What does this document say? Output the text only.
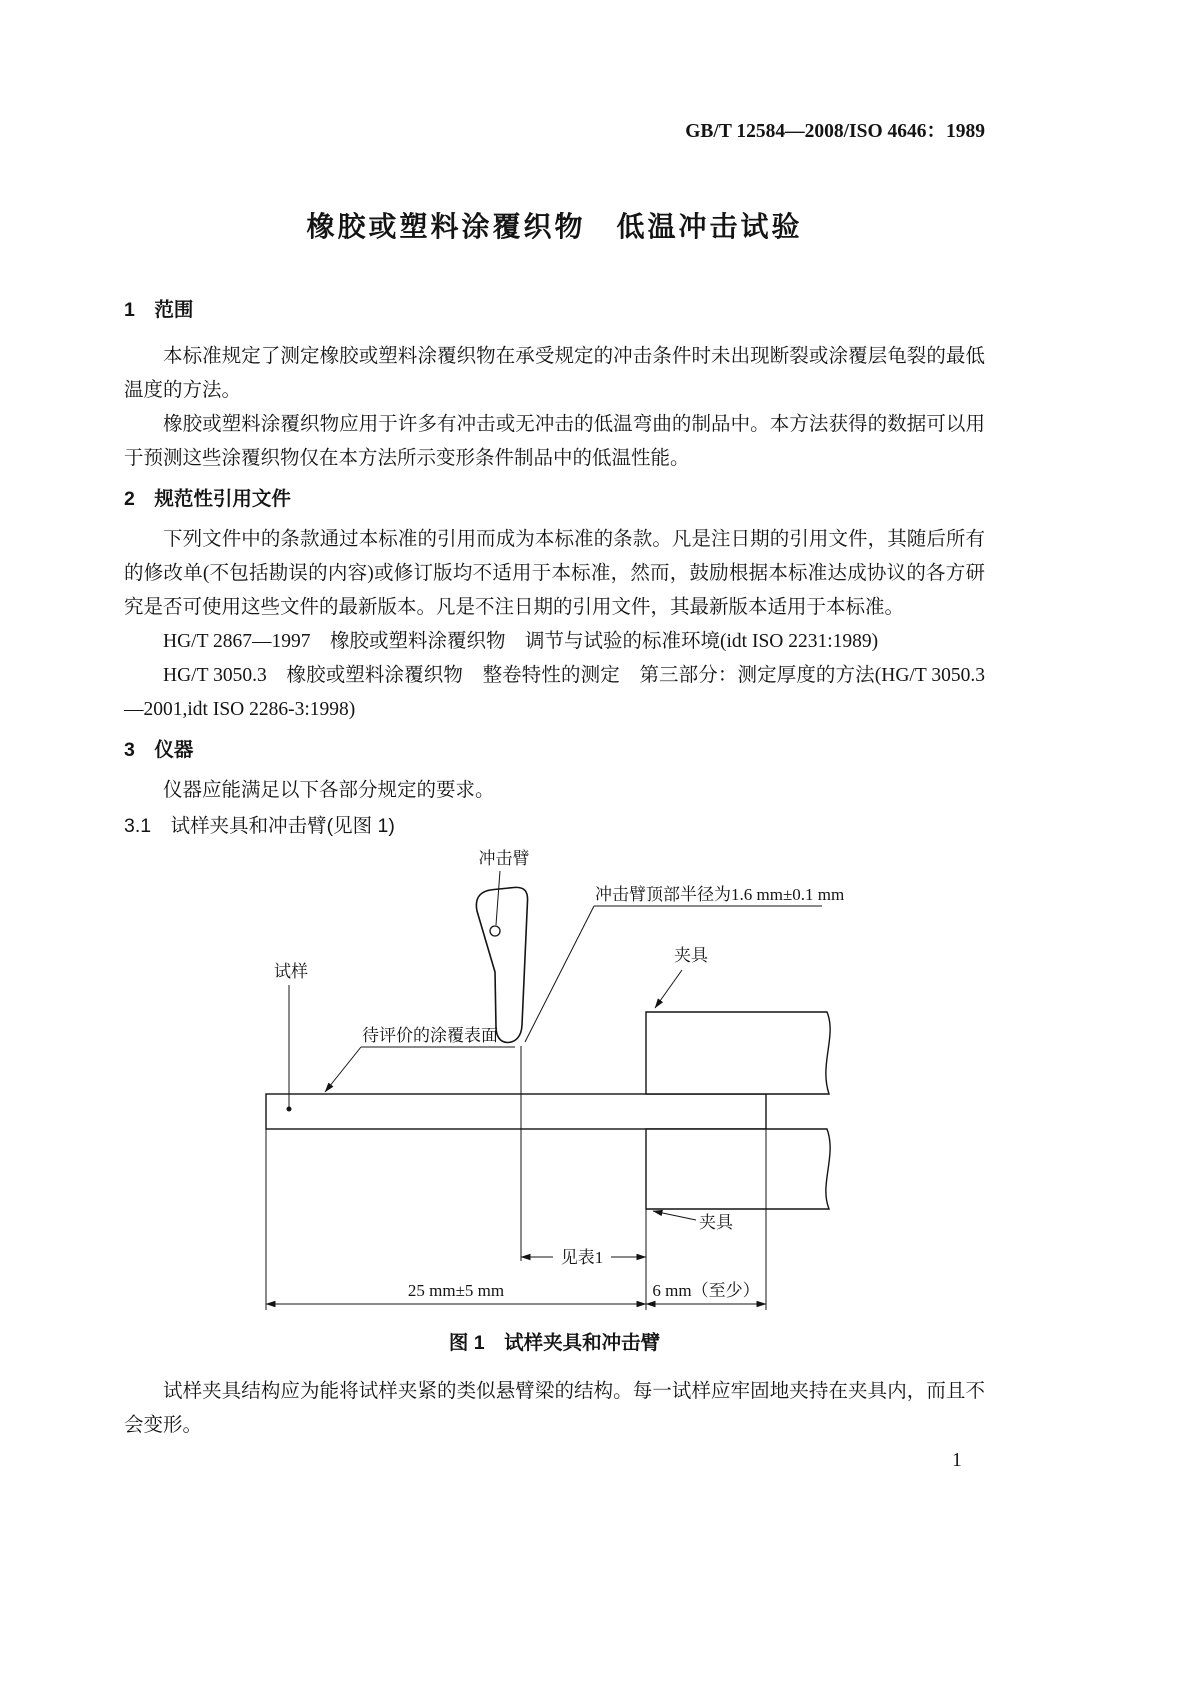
GB/T 12584—2008/ISO 4646：1989
橡胶或塑料涂覆织物　低温冲击试验
1　范围

本标准规定了测定橡胶或塑料涂覆织物在承受规定的冲击条件时未出现断裂或涂覆层龟裂的最低温度的方法。

橡胶或塑料涂覆织物应用于许多有冲击或无冲击的低温弯曲的制品中。本方法获得的数据可以用于预测这些涂覆织物仅在本方法所示变形条件制品中的低温性能。

2　规范性引用文件

下列文件中的条款通过本标准的引用而成为本标准的条款。凡是注日期的引用文件，其随后所有的修改单(不包括勘误的内容)或修订版均不适用于本标准，然而，鼓励根据本标准达成协议的各方研究是否可使用这些文件的最新版本。凡是不注日期的引用文件，其最新版本适用于本标准。

HG/T 2867—1997　橡胶或塑料涂覆织物　调节与试验的标准环境(idt ISO 2231:1989)

HG/T 3050.3　橡胶或塑料涂覆织物　整卷特性的测定　第三部分：测定厚度的方法(HG/T 3050.3—2001,idt ISO 2286-3:1998)

3　仪器

仪器应能满足以下各部分规定的要求。

3.1　试样夹具和冲击臂(见图 1)

冲击臂
冲击臂顶部半径为1.6 mm±0.1 mm
夹具
试样
待评价的涂覆表面
夹具
见表1
25 mm±5 mm	6 mm（至少）
图 1　试样夹具和冲击臂

试样夹具结构应为能将试样夹紧的类似悬臂梁的结构。每一试样应牢固地夹持在夹具内，而且不会变形。

1
